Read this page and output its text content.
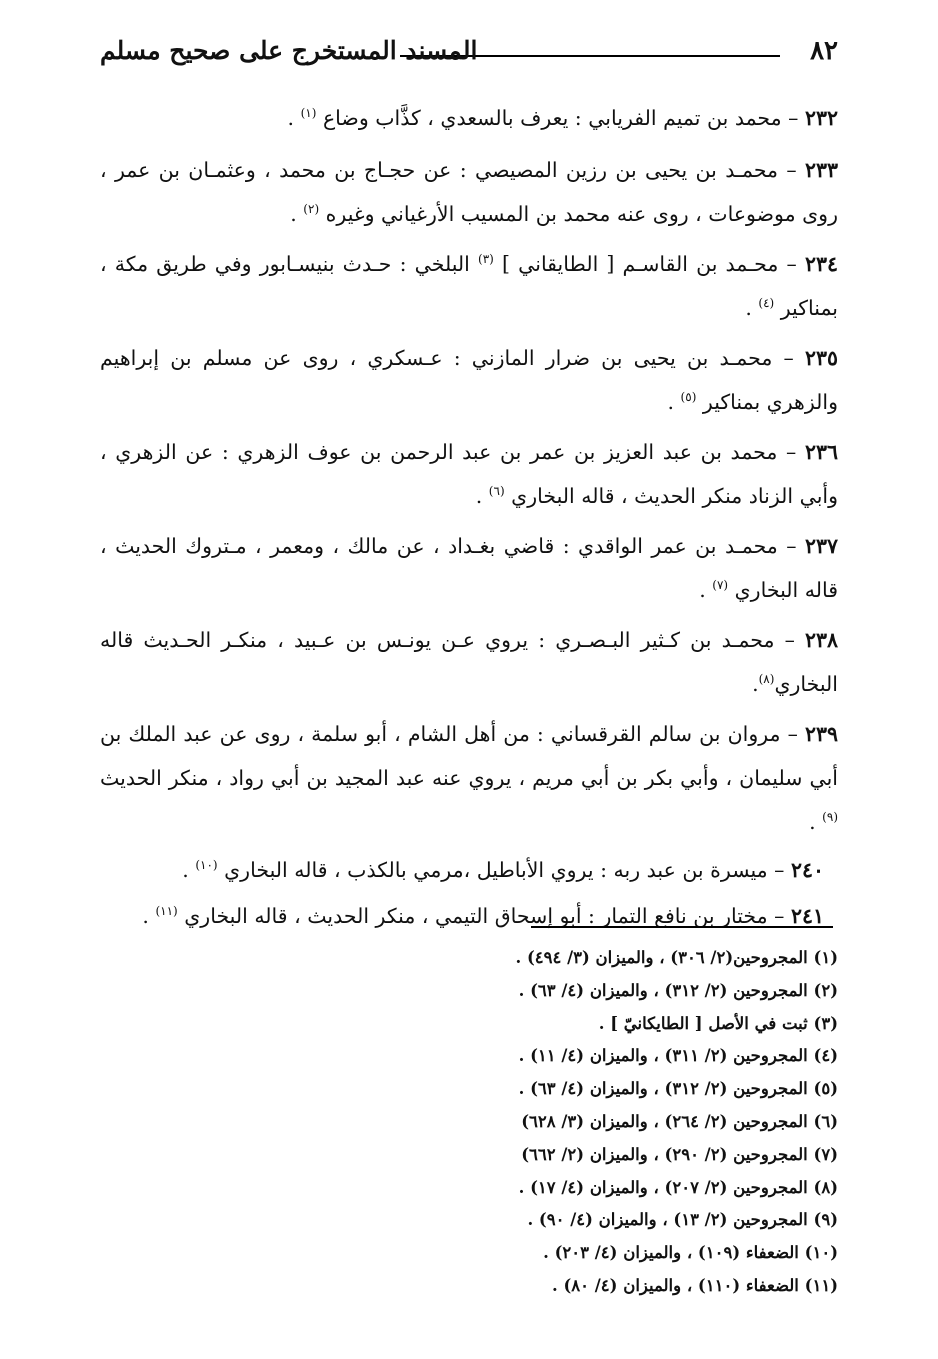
٨٢
المسند المستخرج على صحيح مسلم

٢٣٢ – محمد بن تميم الفريابي : يعرف بالسعدي ، كذَّاب وضاع $^{(١)}$ .

٢٣٣ – محمـد بن يحيى بن رزين المصيصي : عن حجـاج بن محمد ، وعثمـان بن عمر ، روى موضوعات ، روى عنه محمد بن المسيب الأرغياني وغيره $^{(٢)}$ .

٢٣٤ – محـمد بن القاسـم [ الطايقاني ] $^{(٣)}$ البلخي : حـدث بنيسـابور وفي طريق مكة ، بمناكير $^{(٤)}$ .

٢٣٥ – محمـد بن يحيى بن ضرار المازني : عـسكري ، روى عن مسلم بن إبراهيم والزهري بمناكير $^{(٥)}$ .

٢٣٦ – محمد بن عبد العزيز بن عمر بن عبد الرحمن بن عوف الزهري : عن الزهري ، وأبي الزناد منكر الحديث ، قاله البخاري $^{(٦)}$ .

٢٣٧ – محمـد بن عمر الواقدي : قاضي بغـداد ، عن مالك ، ومعمر ، مـتروك الحديث ، قاله البخاري $^{(٧)}$ .

٢٣٨ – محمـد بن كـثير البـصـري : يروي عـن يونـس بن عـبيد ، منكـر الحـديث قاله البخاري$^{(٨)}$.

٢٣٩ – مروان بن سالم القرقساني : من أهل الشام ، أبو سلمة ، روى عن عبد الملك بن أبي سليمان ، وأبي بكر بن أبي مريم ، يروي عنه عبد المجيد بن أبي رواد ، منكر الحديث $^{(٩)}$ .

٢٤٠ – ميسرة بن عبد ربه : يروي الأباطيل ،مرمي بالكذب ، قاله البخاري $^{(١٠)}$ .

٢٤١ – مختار بن نافع التمار : أبو إسحاق التيمي ، منكر الحديث ، قاله البخاري $^{(١١)}$ .

(١) المجروحين(٢/ ٣٠٦) ، والميزان (٣/ ٤٩٤) .
(٢) المجروحين (٢/ ٣١٢) ، والميزان (٤/ ٦٣) .
(٣) ثبت في الأصل [ الطايكانيّ ] .
(٤) المجروحين (٢/ ٣١١) ، والميزان (٤/ ١١) .
(٥) المجروحين (٢/ ٣١٢) ، والميزان (٤/ ٦٣) .
(٦) المجروحين (٢/ ٢٦٤) ، والميزان (٣/ ٦٢٨)
(٧) المجروحين (٢/ ٢٩٠) ، والميزان (٢/ ٦٦٢)
(٨) المجروحين (٢/ ٢٠٧) ، والميزان (٤/ ١٧) .
(٩) المجروحين (٢/ ١٣) ، والميزان (٤/ ٩٠) .
(١٠) الضعفاء (١٠٩) ، والميزان (٤/ ٢٠٣) .
(١١) الضعفاء (١١٠) ، والميزان (٤/ ٨٠) .
